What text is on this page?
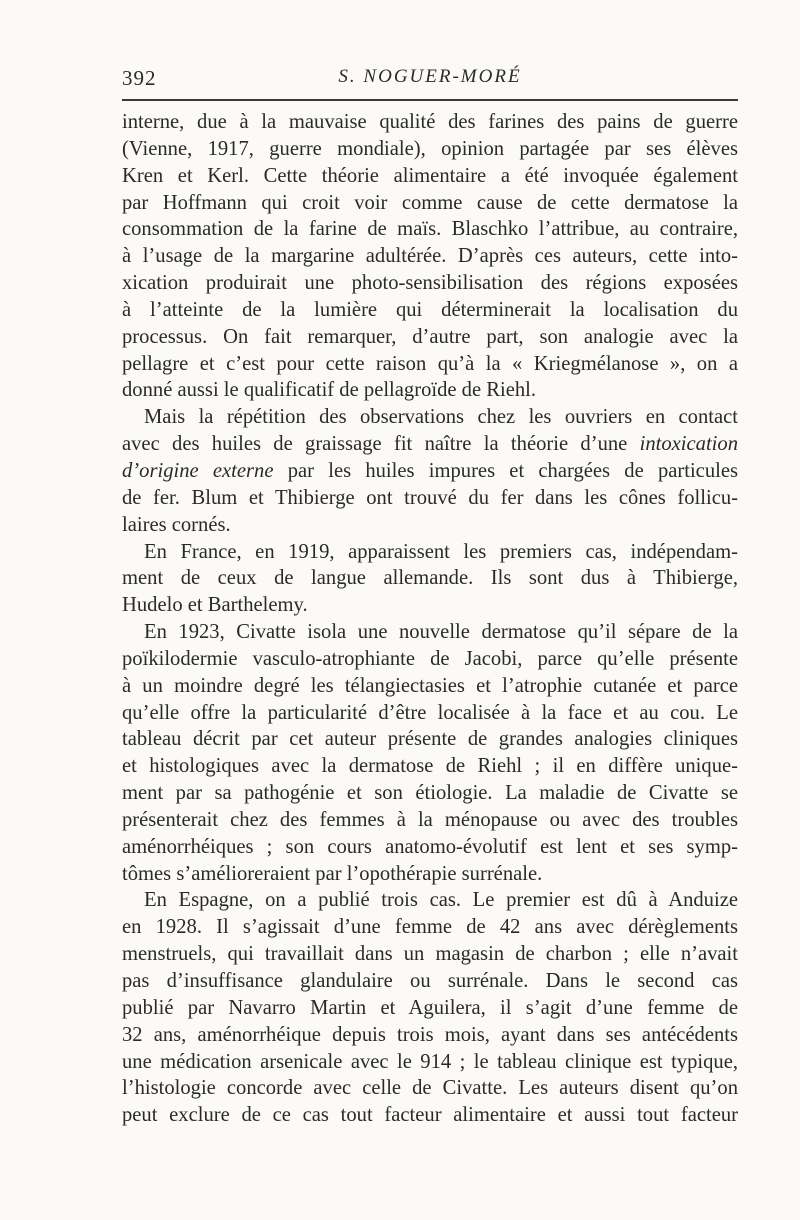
392	S. NOGUER-MORÉ
interne, due à la mauvaise qualité des farines des pains de guerre
(Vienne, 1917, guerre mondiale), opinion partagée par ses élèves
Kren et Kerl. Cette théorie alimentaire a été invoquée également
par Hoffmann qui croit voir comme cause de cette dermatose la
consommation de la farine de maïs. Blaschko l’attribue, au contraire,
à l’usage de la margarine adultérée. D’après ces auteurs, cette into-
xication produirait une photo-sensibilisation des régions exposées
à l’atteinte de la lumière qui déterminerait la localisation du
processus. On fait remarquer, d’autre part, son analogie avec la
pellagre et c’est pour cette raison qu’à la « Kriegmélanose », on a
donné aussi le qualificatif de pellagroïde de Riehl.
Mais la répétition des observations chez les ouvriers en contact
avec des huiles de graissage fit naître la théorie d’une intoxication
d’origine externe par les huiles impures et chargées de particules
de fer. Blum et Thibierge ont trouvé du fer dans les cônes follicu-
laires cornés.
En France, en 1919, apparaissent les premiers cas, indépendam-
ment de ceux de langue allemande. Ils sont dus à Thibierge,
Hudelo et Barthelemy.
En 1923, Civatte isola une nouvelle dermatose qu’il sépare de la
poïkilodermie vasculo-atrophiante de Jacobi, parce qu’elle présente
à un moindre degré les télangiectasies et l’atrophie cutanée et parce
qu’elle offre la particularité d’être localisée à la face et au cou. Le
tableau décrit par cet auteur présente de grandes analogies cliniques
et histologiques avec la dermatose de Riehl ; il en diffère unique-
ment par sa pathogénie et son étiologie. La maladie de Civatte se
présenterait chez des femmes à la ménopause ou avec des troubles
aménorrhéiques ; son cours anatomo-évolutif est lent et ses symp-
tômes s’amélioreraient par l’opothérapie surrénale.
En Espagne, on a publié trois cas. Le premier est dû à Anduize
en 1928. Il s’agissait d’une femme de 42 ans avec dérèglements
menstruels, qui travaillait dans un magasin de charbon ; elle n’avait
pas d’insuffisance glandulaire ou surrénale. Dans le second cas
publié par Navarro Martin et Aguilera, il s’agit d’une femme de
32 ans, aménorrhéique depuis trois mois, ayant dans ses antécédents
une médication arsenicale avec le 914 ; le tableau clinique est typique,
l’histologie concorde avec celle de Civatte. Les auteurs disent qu’on
peut exclure de ce cas tout facteur alimentaire et aussi tout facteur
